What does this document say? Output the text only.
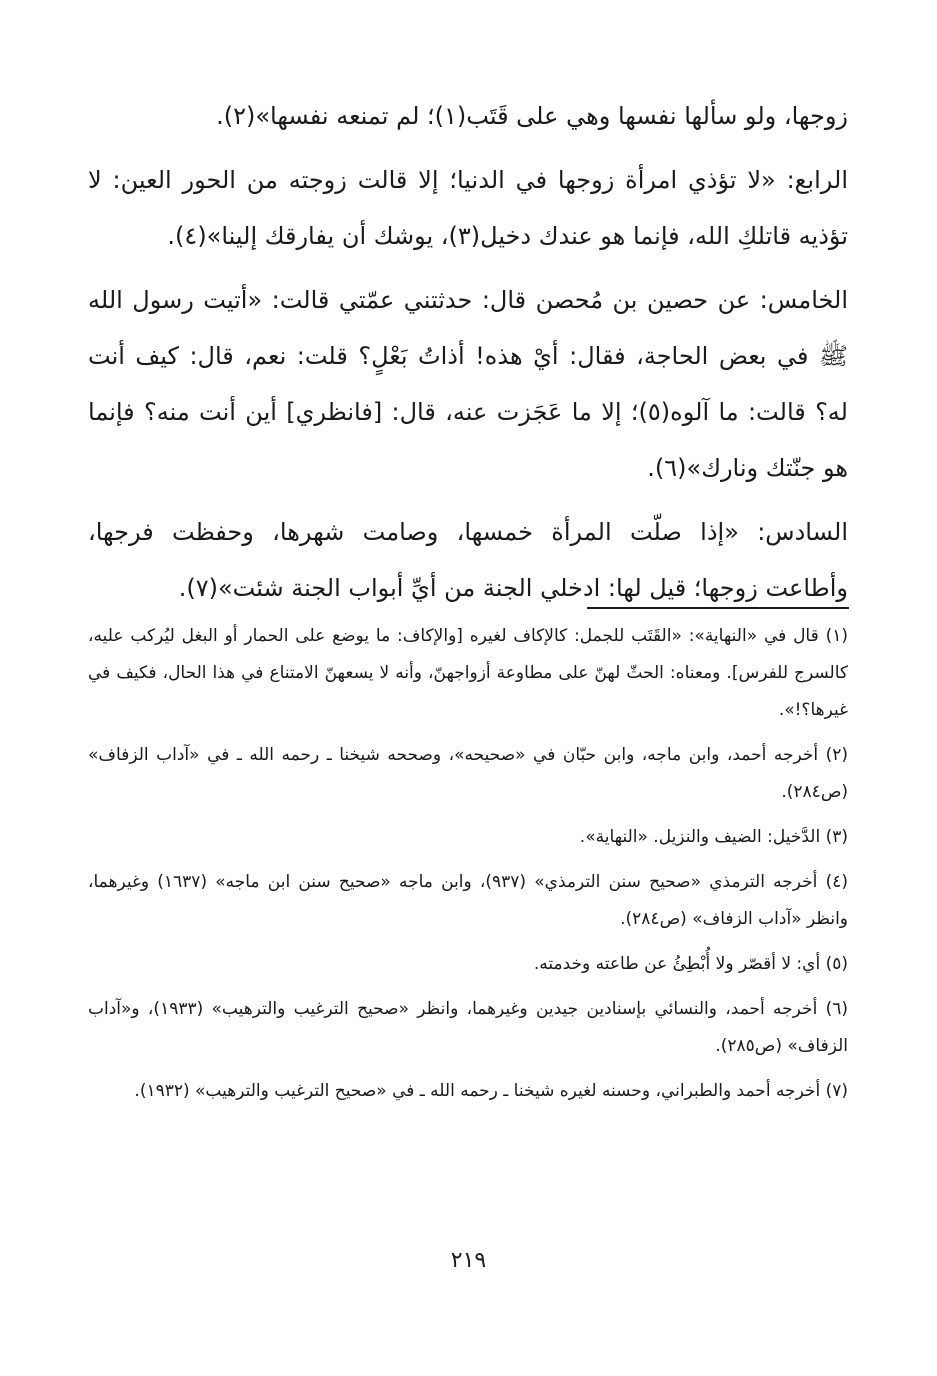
زوجها، ولو سألها نفسها وهي على قَتَب(١)؛ لم تمنعه نفسها»(٢).

الرابع: «لا تؤذي امرأة زوجها في الدنيا؛ إلا قالت زوجته من الحور العين: لا تؤذيه قاتلكِ الله، فإنما هو عندك دخيل(٣)، يوشك أن يفارقك إلينا»(٤).

الخامس: عن حصين بن مُحصن قال: حدثتني عمّتي قالت: «أتيت رسول الله ﷺ في بعض الحاجة، فقال: أيْ هذه! أذاتُ بَعْلٍ؟ قلت: نعم، قال: كيف أنت له؟ قالت: ما آلوه(٥)؛ إلا ما عَجَزت عنه، قال: [فانظري] أين أنت منه؟ فإنما هو جنّتك ونارك»(٦).

السادس: «إذا صلّت المرأة خمسها، وصامت شهرها، وحفظت فرجها، وأطاعت زوجها؛ قيل لها: ادخلي الجنة من أيِّ أبواب الجنة شئت»(٧).

(١) قال في «النهاية»: «القَتَب للجمل: كالإكاف لغيره [والإكاف: ما يوضع على الحمار أو البغل ليُركب عليه، كالسرج للفرس]. ومعناه: الحثّ لهنّ على مطاوعة أزواجهنّ، وأنه لا يسعهنّ الامتناع في هذا الحال، فكيف في غيرها؟!».

(٢) أخرجه أحمد، وابن ماجه، وابن حبّان في «صحيحه»، وصححه شيخنا ـ رحمه الله ـ في «آداب الزفاف» (ص٢٨٤).

(٣) الدَّخيل: الضيف والنزيل. «النهاية».

(٤) أخرجه الترمذي «صحيح سنن الترمذي» (٩٣٧)، وابن ماجه «صحيح سنن ابن ماجه» (١٦٣٧) وغيرهما، وانظر «آداب الزفاف» (ص٢٨٤).

(٥) أي: لا أقصّر ولا أُبْطِئُ عن طاعته وخدمته.

(٦) أخرجه أحمد، والنسائي بإسنادين جيدين وغيرهما، وانظر «صحيح الترغيب والترهيب» (١٩٣٣)، و«آداب الزفاف» (ص٢٨٥).

(٧) أخرجه أحمد والطبراني، وحسنه لغيره شيخنا ـ رحمه الله ـ في «صحيح الترغيب والترهيب» (١٩٣٢).

٢١٩
